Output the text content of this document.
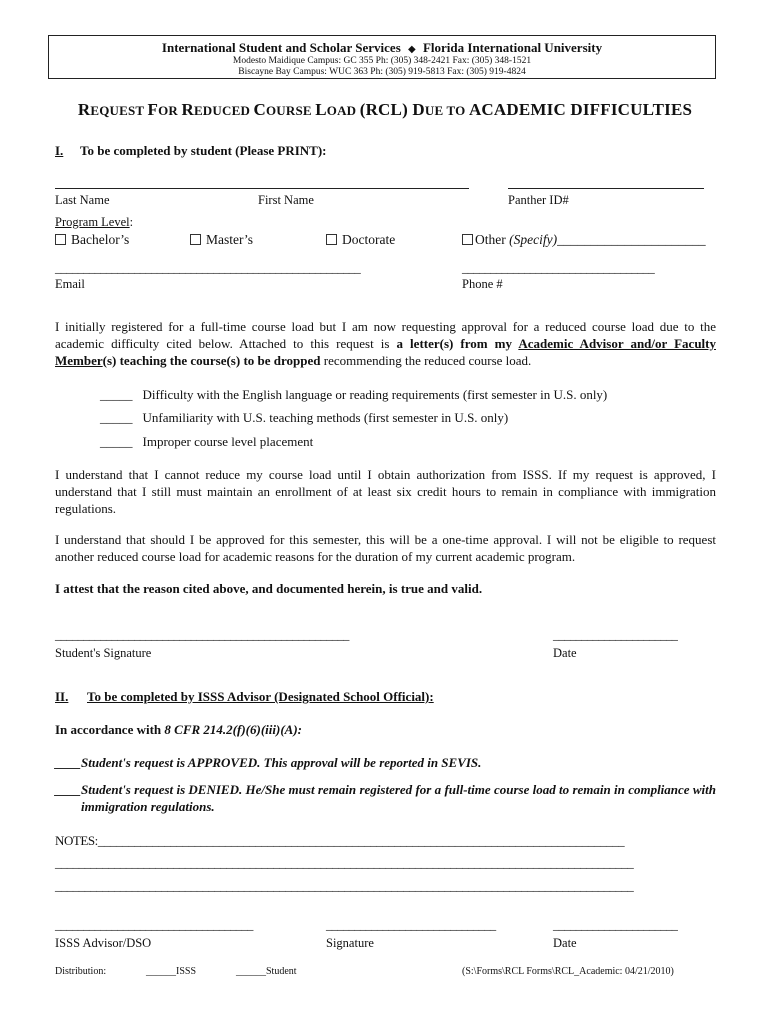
International Student and Scholar Services ◆ Florida International University
Modesto Maidique Campus: GC 355 Ph: (305) 348-2421 Fax: (305) 348-1521
Biscayne Bay Campus: WUC 363 Ph: (305) 919-5813 Fax: (305) 919-4824
REQUEST FOR REDUCED COURSE LOAD (RCL) DUE TO ACADEMIC DIFFICULTIES
I. To be completed by student (Please PRINT):
Last Name	First Name	Panther ID#
Program Level:
Bachelor’s	Master’s	Doctorate	Other (Specify)______________________
______________________________________________________	__________________________________
Email	Phone #
I initially registered for a full-time course load but I am now requesting approval for a reduced course load due to the academic difficulty cited below. Attached to this request is a letter(s) from my Academic Advisor and/or Faculty Member(s) teaching the course(s) to be dropped recommending the reduced course load.
_____ Difficulty with the English language or reading requirements (first semester in U.S. only)
_____ Unfamiliarity with U.S. teaching methods (first semester in U.S. only)
_____ Improper course level placement
I understand that I cannot reduce my course load until I obtain authorization from ISSS. If my request is approved, I understand that I still must maintain an enrollment of at least six credit hours to remain in compliance with immigration regulations.
I understand that should I be approved for this semester, this will be a one-time approval. I will not be eligible to request another reduced course load for academic reasons for the duration of my current academic program.
I attest that the reason cited above, and documented herein, is true and valid.
____________________________________________________	______________________
Student's Signature	Date
II. To be completed by ISSS Advisor (Designated School Official):
In accordance with 8 CFR 214.2(f)(6)(iii)(A):
____Student's request is APPROVED. This approval will be reported in SEVIS.
____ Student's request is DENIED. He/She must remain registered for a full-time course load to remain in compliance with immigration regulations.
NOTES:_______________________________________________________________________________________
__________________________________________________________________________________________________
__________________________________________________________________________________________________
___________________________________	______________________________	______________________
ISSS Advisor/DSO	Signature	Date
Distribution:	______ISSS	______Student	(S:\Forms\RCL Forms\RCL_Academic: 04/21/2010)
